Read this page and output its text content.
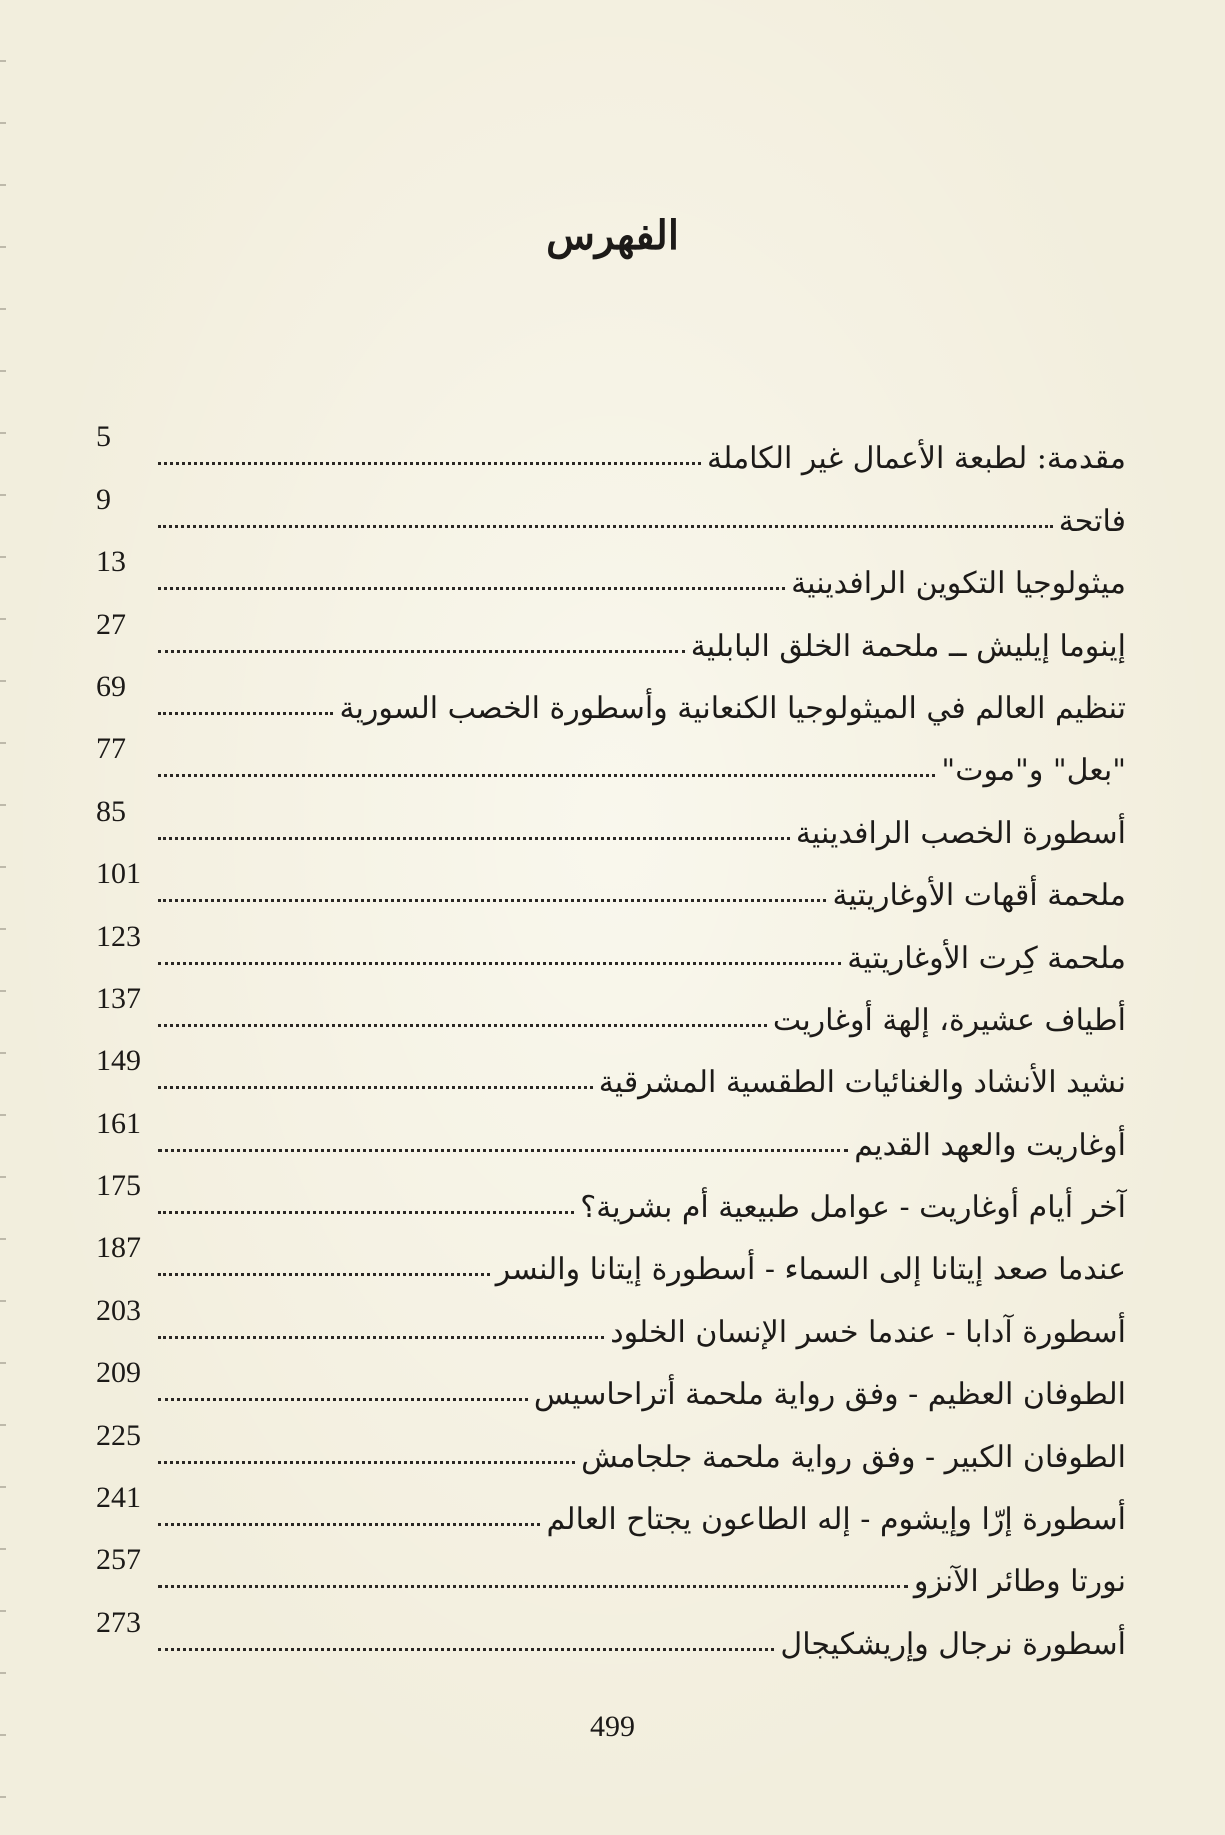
الفهرس
مقدمة: لطبعة الأعمال غير الكاملة
5
فاتحة
9
ميثولوجيا التكوين الرافدينية
13
إينوما إيليش ــ ملحمة الخلق البابلية
27
تنظيم العالم في الميثولوجيا الكنعانية وأسطورة الخصب السورية
69
"بعل" و"موت"
77
أسطورة الخصب الرافدينية
85
ملحمة أقهات الأوغاريتية
101
ملحمة كِرت الأوغاريتية
123
أطياف عشيرة، إلهة أوغاريت
137
نشيد الأنشاد والغنائيات الطقسية المشرقية
149
أوغاريت والعهد القديم
161
آخر أيام أوغاريت - عوامل طبيعية أم بشرية؟
175
عندما صعد إيتانا إلى السماء - أسطورة إيتانا والنسر
187
أسطورة آدابا - عندما خسر الإنسان الخلود
203
الطوفان العظيم - وفق رواية ملحمة أتراحاسيس
209
الطوفان الكبير - وفق رواية ملحمة جلجامش
225
أسطورة إرّا وإيشوم - إله الطاعون يجتاح العالم
241
نورتا وطائر الآنزو
257
أسطورة نرجال وإريشكيجال
273
499
